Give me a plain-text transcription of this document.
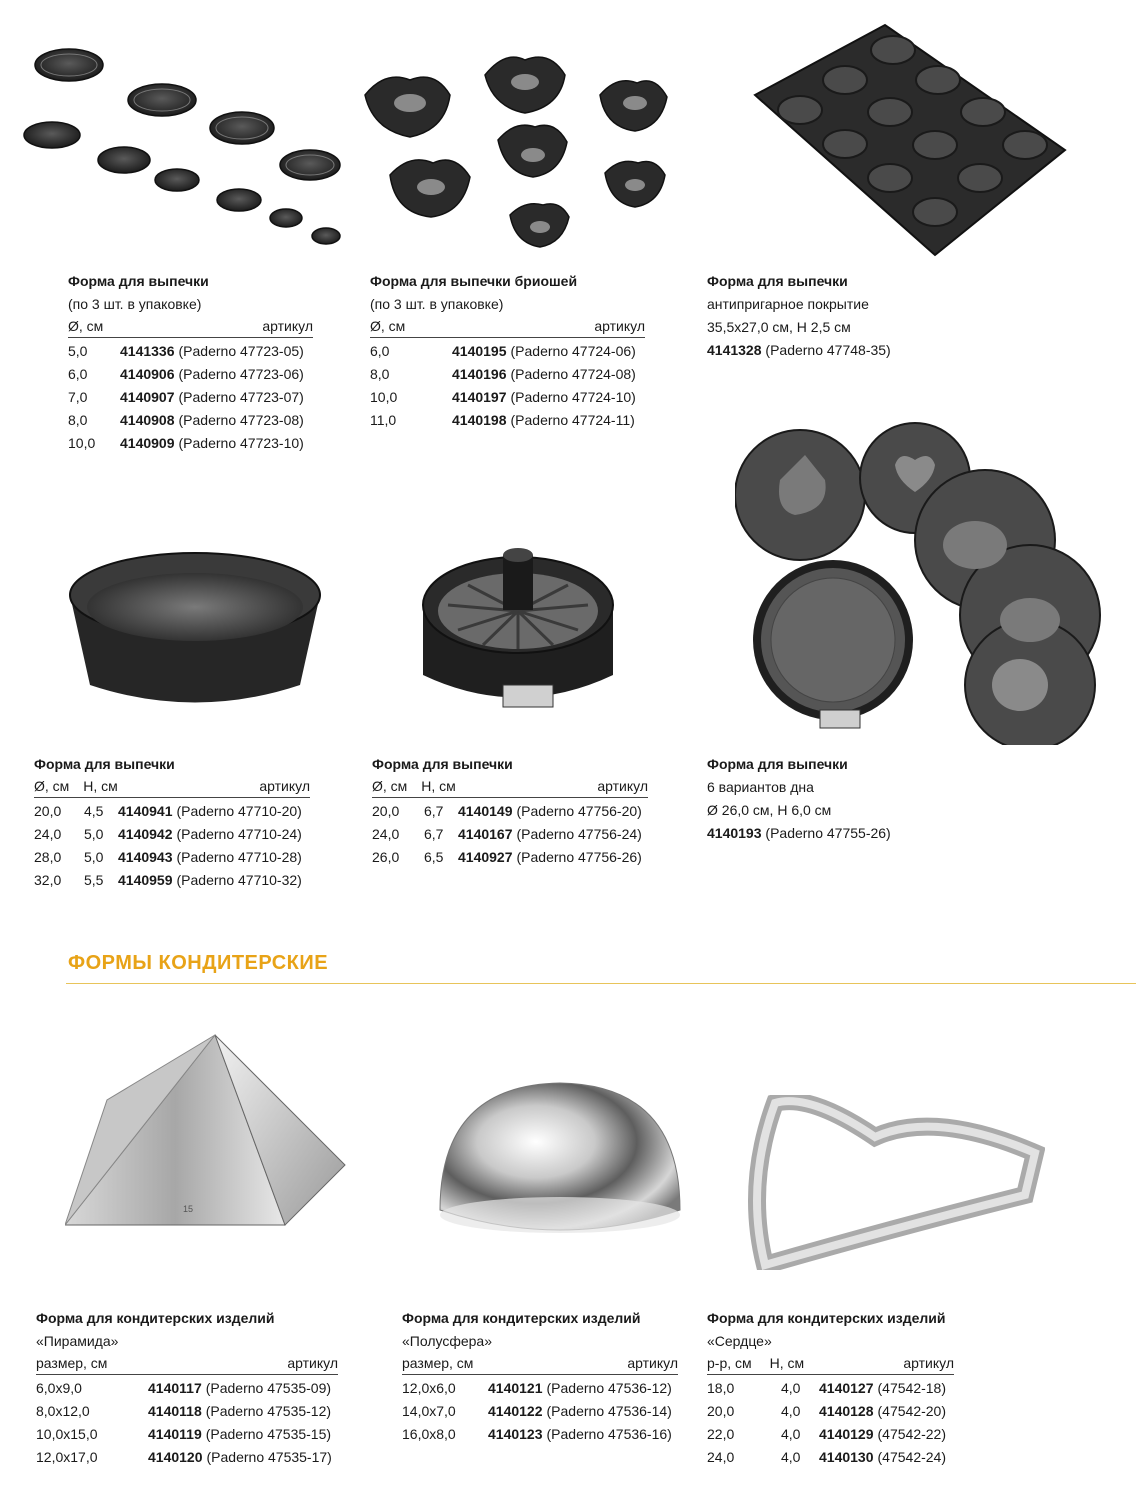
Форма для выпечки
(по 3 шт. в упаковке)
Ø, см	артикул
5,0	4141336 (Paderno 47723-05)
6,0	4140906 (Paderno 47723-06)
7,0	4140907 (Paderno 47723-07)
8,0	4140908 (Paderno 47723-08)
10,0	4140909 (Paderno 47723-10)
Форма для выпечки бриошей
(по 3 шт. в упаковке)
Ø, см	артикул
6,0	4140195 (Paderno 47724-06)
8,0	4140196 (Paderno 47724-08)
10,0	4140197 (Paderno 47724-10)
11,0	4140198 (Paderno 47724-11)
Форма для выпечки
антипригарное покрытие
35,5x27,0 см, Н 2,5 см
4141328
(Paderno 47748-35)
Форма для выпечки
Ø, см Н, см	артикул
20,0	4,5	4140941 (Paderno 47710-20)
24,0	5,0	4140942 (Paderno 47710-24)
28,0	5,0	4140943 (Paderno 47710-28)
32,0	5,5	4140959 (Paderno 47710-32)
Форма для выпечки
Ø, см Н, см	артикул
20,0	6,7	4140149 (Paderno 47756-20)
24,0	6,7	4140167 (Paderno 47756-24)
26,0	6,5	4140927 (Paderno 47756-26)
Форма для выпечки
6 вариантов дна
Ø 26,0 см, Н 6,0 см
4140193
(Paderno 47755-26)
ФОРМЫ КОНДИТЕРСКИЕ
15
Форма для кондитерских изделий
«Пирамида»
размер, см	артикул
6,0x9,0	4140117 (Paderno 47535-09)
8,0x12,0	4140118 (Paderno 47535-12)
10,0x15,0	4140119 (Paderno 47535-15)
12,0x17,0	4140120 (Paderno 47535-17)
Форма для кондитерских изделий
«Полусфера»
размер, см	артикул
12,0x6,0	4140121 (Paderno 47536-12)
14,0x7,0	4140122 (Paderno 47536-14)
16,0x8,0	4140123 (Paderno 47536-16)
Форма для кондитерских изделий
«Сердце»
р-р, см Н, см	артикул
18,0	4,0	4140127 (47542-18)
20,0	4,0	4140128 (47542-20)
22,0	4,0	4140129 (47542-22)
24,0	4,0	4140130 (47542-24)
